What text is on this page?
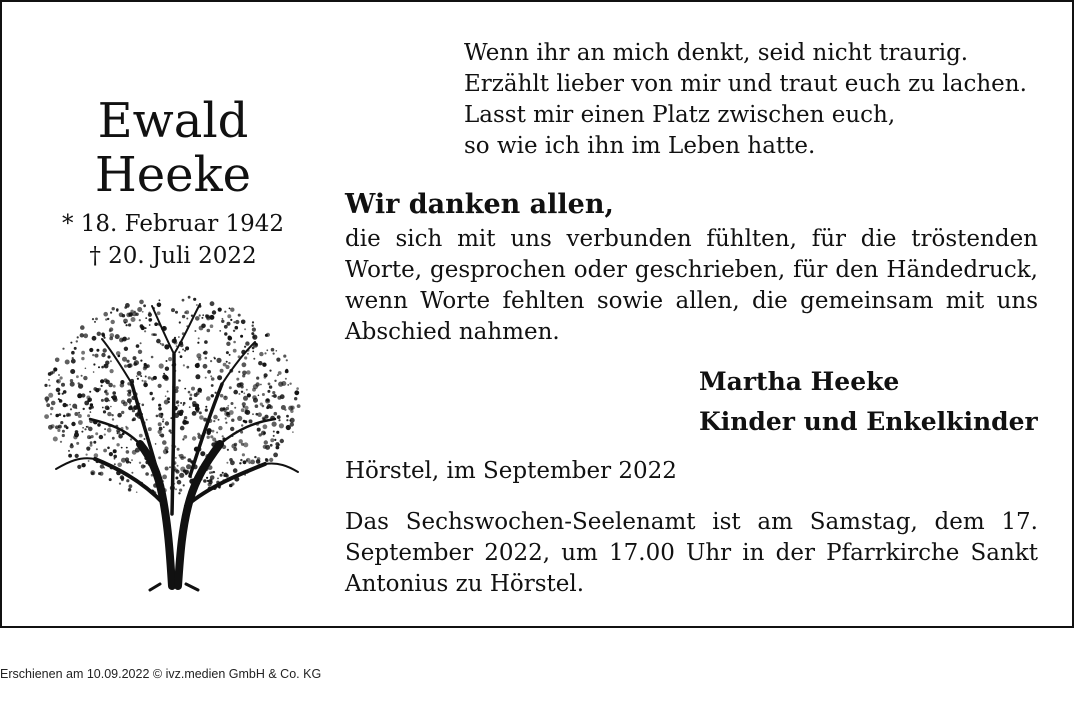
Ewald
Heeke
* 18. Februar 1942
† 20. Juli 2022
Wenn ihr an mich denkt, seid nicht traurig.
Erzählt lieber von mir und traut euch zu lachen.
Lasst mir einen Platz zwischen euch,
so wie ich ihn im Leben hatte.
Wir danken allen,
die sich mit uns verbunden fühlten, für die tröstenden Worte, gesprochen oder geschrieben, für den Händedruck, wenn Worte fehlten sowie allen, die gemeinsam mit uns Abschied nahmen.
Martha Heeke
Kinder und Enkelkinder
Hörstel, im September 2022
Das Sechswochen-Seelenamt ist am Samstag, dem 17. September 2022, um 17.00 Uhr in der Pfarrkirche Sankt Antonius zu Hörstel.
Erschienen am 10.09.2022 © ivz.medien GmbH & Co. KG
